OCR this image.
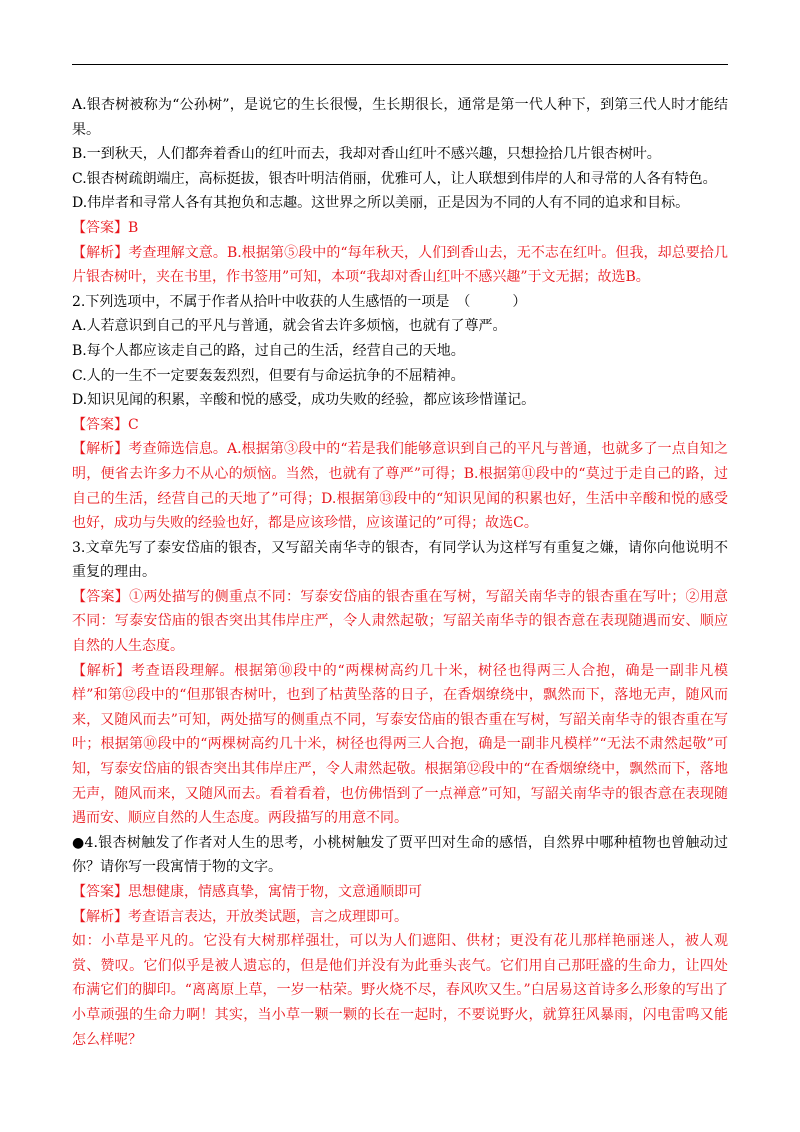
A.银杏树被称为“公孙树”，是说它的生长很慢，生长期很长，通常是第一代人种下，到第三代人时才能结果。

B.一到秋天，人们都奔着香山的红叶而去，我却对香山红叶不感兴趣，只想捡拾几片银杏树叶。

C.银杏树疏朗端庄，高标挺拔，银杏叶明洁俏丽，优雅可人，让人联想到伟岸的人和寻常的人各有特色。

D.伟岸者和寻常人各有其抱负和志趣。这世界之所以美丽，正是因为不同的人有不同的追求和目标。

【答案】B

【解析】考查理解文意。B.根据第⑤段中的“每年秋天，人们到香山去，无不志在红叶。但我，却总要拾几片银杏树叶，夹在书里，作书签用”可知，本项“我却对香山红叶不感兴趣”于文无据；故选B。

2.下列选项中，不属于作者从拾叶中收获的人生感悟的一项是　（　　　）

A.人若意识到自己的平凡与普通，就会省去许多烦恼，也就有了尊严。

B.每个人都应该走自己的路，过自己的生活，经营自己的天地。

C.人的一生不一定要轰轰烈烈，但要有与命运抗争的不屈精神。

D.知识见闻的积累，辛酸和悦的感受，成功失败的经验，都应该珍惜谨记。

【答案】C

【解析】考查筛选信息。A.根据第③段中的“若是我们能够意识到自己的平凡与普通，也就多了一点自知之明，便省去许多力不从心的烦恼。当然，也就有了尊严”可得；B.根据第⑪段中的“莫过于走自己的路，过自己的生活，经营自己的天地了”可得；D.根据第⑬段中的“知识见闻的积累也好，生活中辛酸和悦的感受也好，成功与失败的经验也好，都是应该珍惜，应该谨记的”可得；故选C。

3.文章先写了泰安岱庙的银杏，又写韶关南华寺的银杏，有同学认为这样写有重复之嫌，请你向他说明不重复的理由。

【答案】①两处描写的侧重点不同：写泰安岱庙的银杏重在写树，写韶关南华寺的银杏重在写叶；②用意不同：写泰安岱庙的银杏突出其伟岸庄严，令人肃然起敬；写韶关南华寺的银杏意在表现随遇而安、顺应自然的人生态度。

【解析】考查语段理解。根据第⑩段中的“两棵树高约几十米，树径也得两三人合抱，确是一副非凡模样”和第⑫段中的“但那银杏树叶，也到了枯黄坠落的日子，在香烟缭绕中，飘然而下，落地无声，随风而来，又随风而去”可知，两处描写的侧重点不同，写泰安岱庙的银杏重在写树，写韶关南华寺的银杏重在写叶；根据第⑩段中的“两棵树高约几十米，树径也得两三人合抱，确是一副非凡模样”“无法不肃然起敬”可知，写泰安岱庙的银杏突出其伟岸庄严，令人肃然起敬。根据第⑫段中的“在香烟缭绕中，飘然而下，落地无声，随风而来，又随风而去。看着看着，也仿佛悟到了一点禅意”可知，写韶关南华寺的银杏意在表现随遇而安、顺应自然的人生态度。两段描写的用意不同。

●4.银杏树触发了作者对人生的思考，小桃树触发了贾平凹对生命的感悟，自然界中哪种植物也曾触动过你？请你写一段寓情于物的文字。

【答案】思想健康，情感真挚，寓情于物，文意通顺即可

【解析】考查语言表达，开放类试题，言之成理即可。

如：小草是平凡的。它没有大树那样强壮，可以为人们遮阳、供材；更没有花儿那样艳丽迷人，被人观赏、赞叹。它们似乎是被人遗忘的，但是他们并没有为此垂头丧气。它们用自己那旺盛的生命力，让四处布满它们的脚印。“离离原上草，一岁一枯荣。野火烧不尽，春风吹又生。”白居易这首诗多么形象的写出了小草顽强的生命力啊！其实，当小草一颗一颗的长在一起时，不要说野火，就算狂风暴雨，闪电雷鸣又能怎么样呢？
